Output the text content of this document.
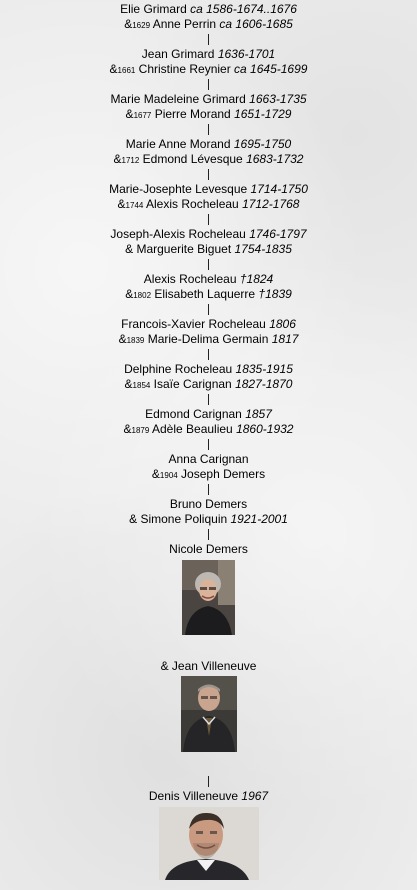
Elie Grimard ca 1586-1674..1676
&1629 Anne Perrin ca 1606-1685
Jean Grimard 1636-1701
&1661 Christine Reynier ca 1645-1699
Marie Madeleine Grimard 1663-1735
&1677 Pierre Morand 1651-1729
Marie Anne Morand 1695-1750
&1712 Edmond Lévesque 1683-1732
Marie-Josephte Levesque 1714-1750
&1744 Alexis Rocheleau 1712-1768
Joseph-Alexis Rocheleau 1746-1797
& Marguerite Biguet 1754-1835
Alexis Rocheleau †1824
&1802 Elisabeth Laquerre †1839
Francois-Xavier Rocheleau 1806
&1839 Marie-Delima Germain 1817
Delphine Rocheleau 1835-1915
&1854 Isaïe Carignan 1827-1870
Edmond Carignan 1857
&1879 Adèle Beaulieu 1860-1932
Anna Carignan
&1904 Joseph Demers
Bruno Demers
& Simone Poliquin 1921-2001
Nicole Demers
& Jean Villeneuve
Denis Villeneuve 1967
